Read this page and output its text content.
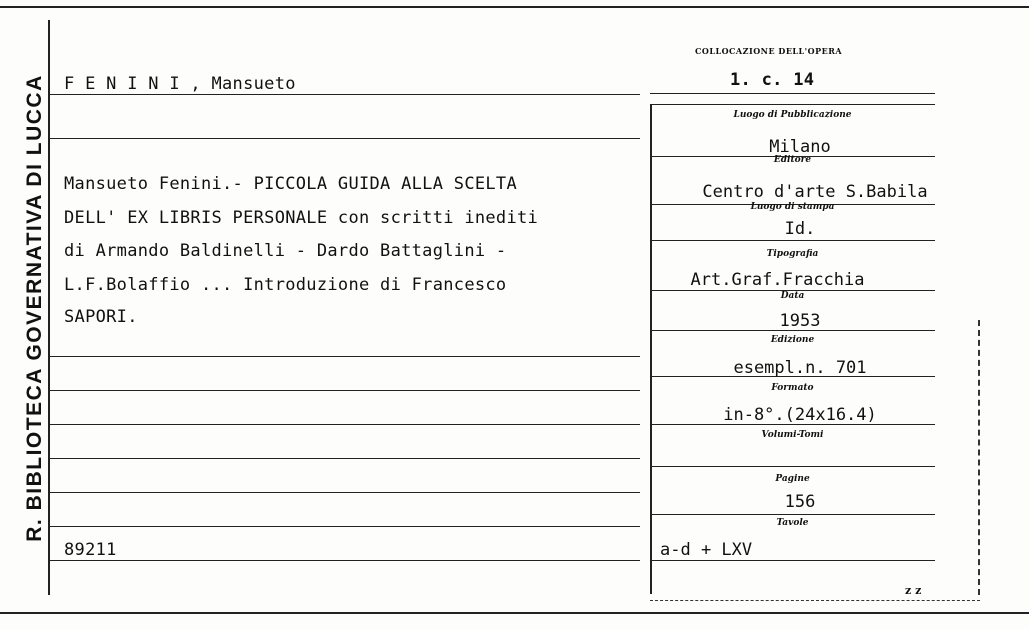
R. BIBLIOTECA GOVERNATIVA DI LUCCA
COLLOCAZIONE DELL'OPERA
1. c. 14
F E N I N I , Mansueto
Mansueto Fenini.- PICCOLA GUIDA ALLA SCELTA
DELL' EX LIBRIS PERSONALE con scritti inediti
di Armando Baldinelli - Dardo Battaglini -
L.F.Bolaffio ... Introduzione di Francesco
SAPORI.
89211
Luogo di Pubblicazione
Editore
Luogo di stampa
Tipografia
Data
Edizione
Formato
Volumi-Tomi
Pagine
Tavole
Milano
Centro d'arte S.Babila
Id.
Art.Graf.Fracchia
1953
esempl.n. 701
in-8°.(24x16.4)
156
a-d + LXV
z z
